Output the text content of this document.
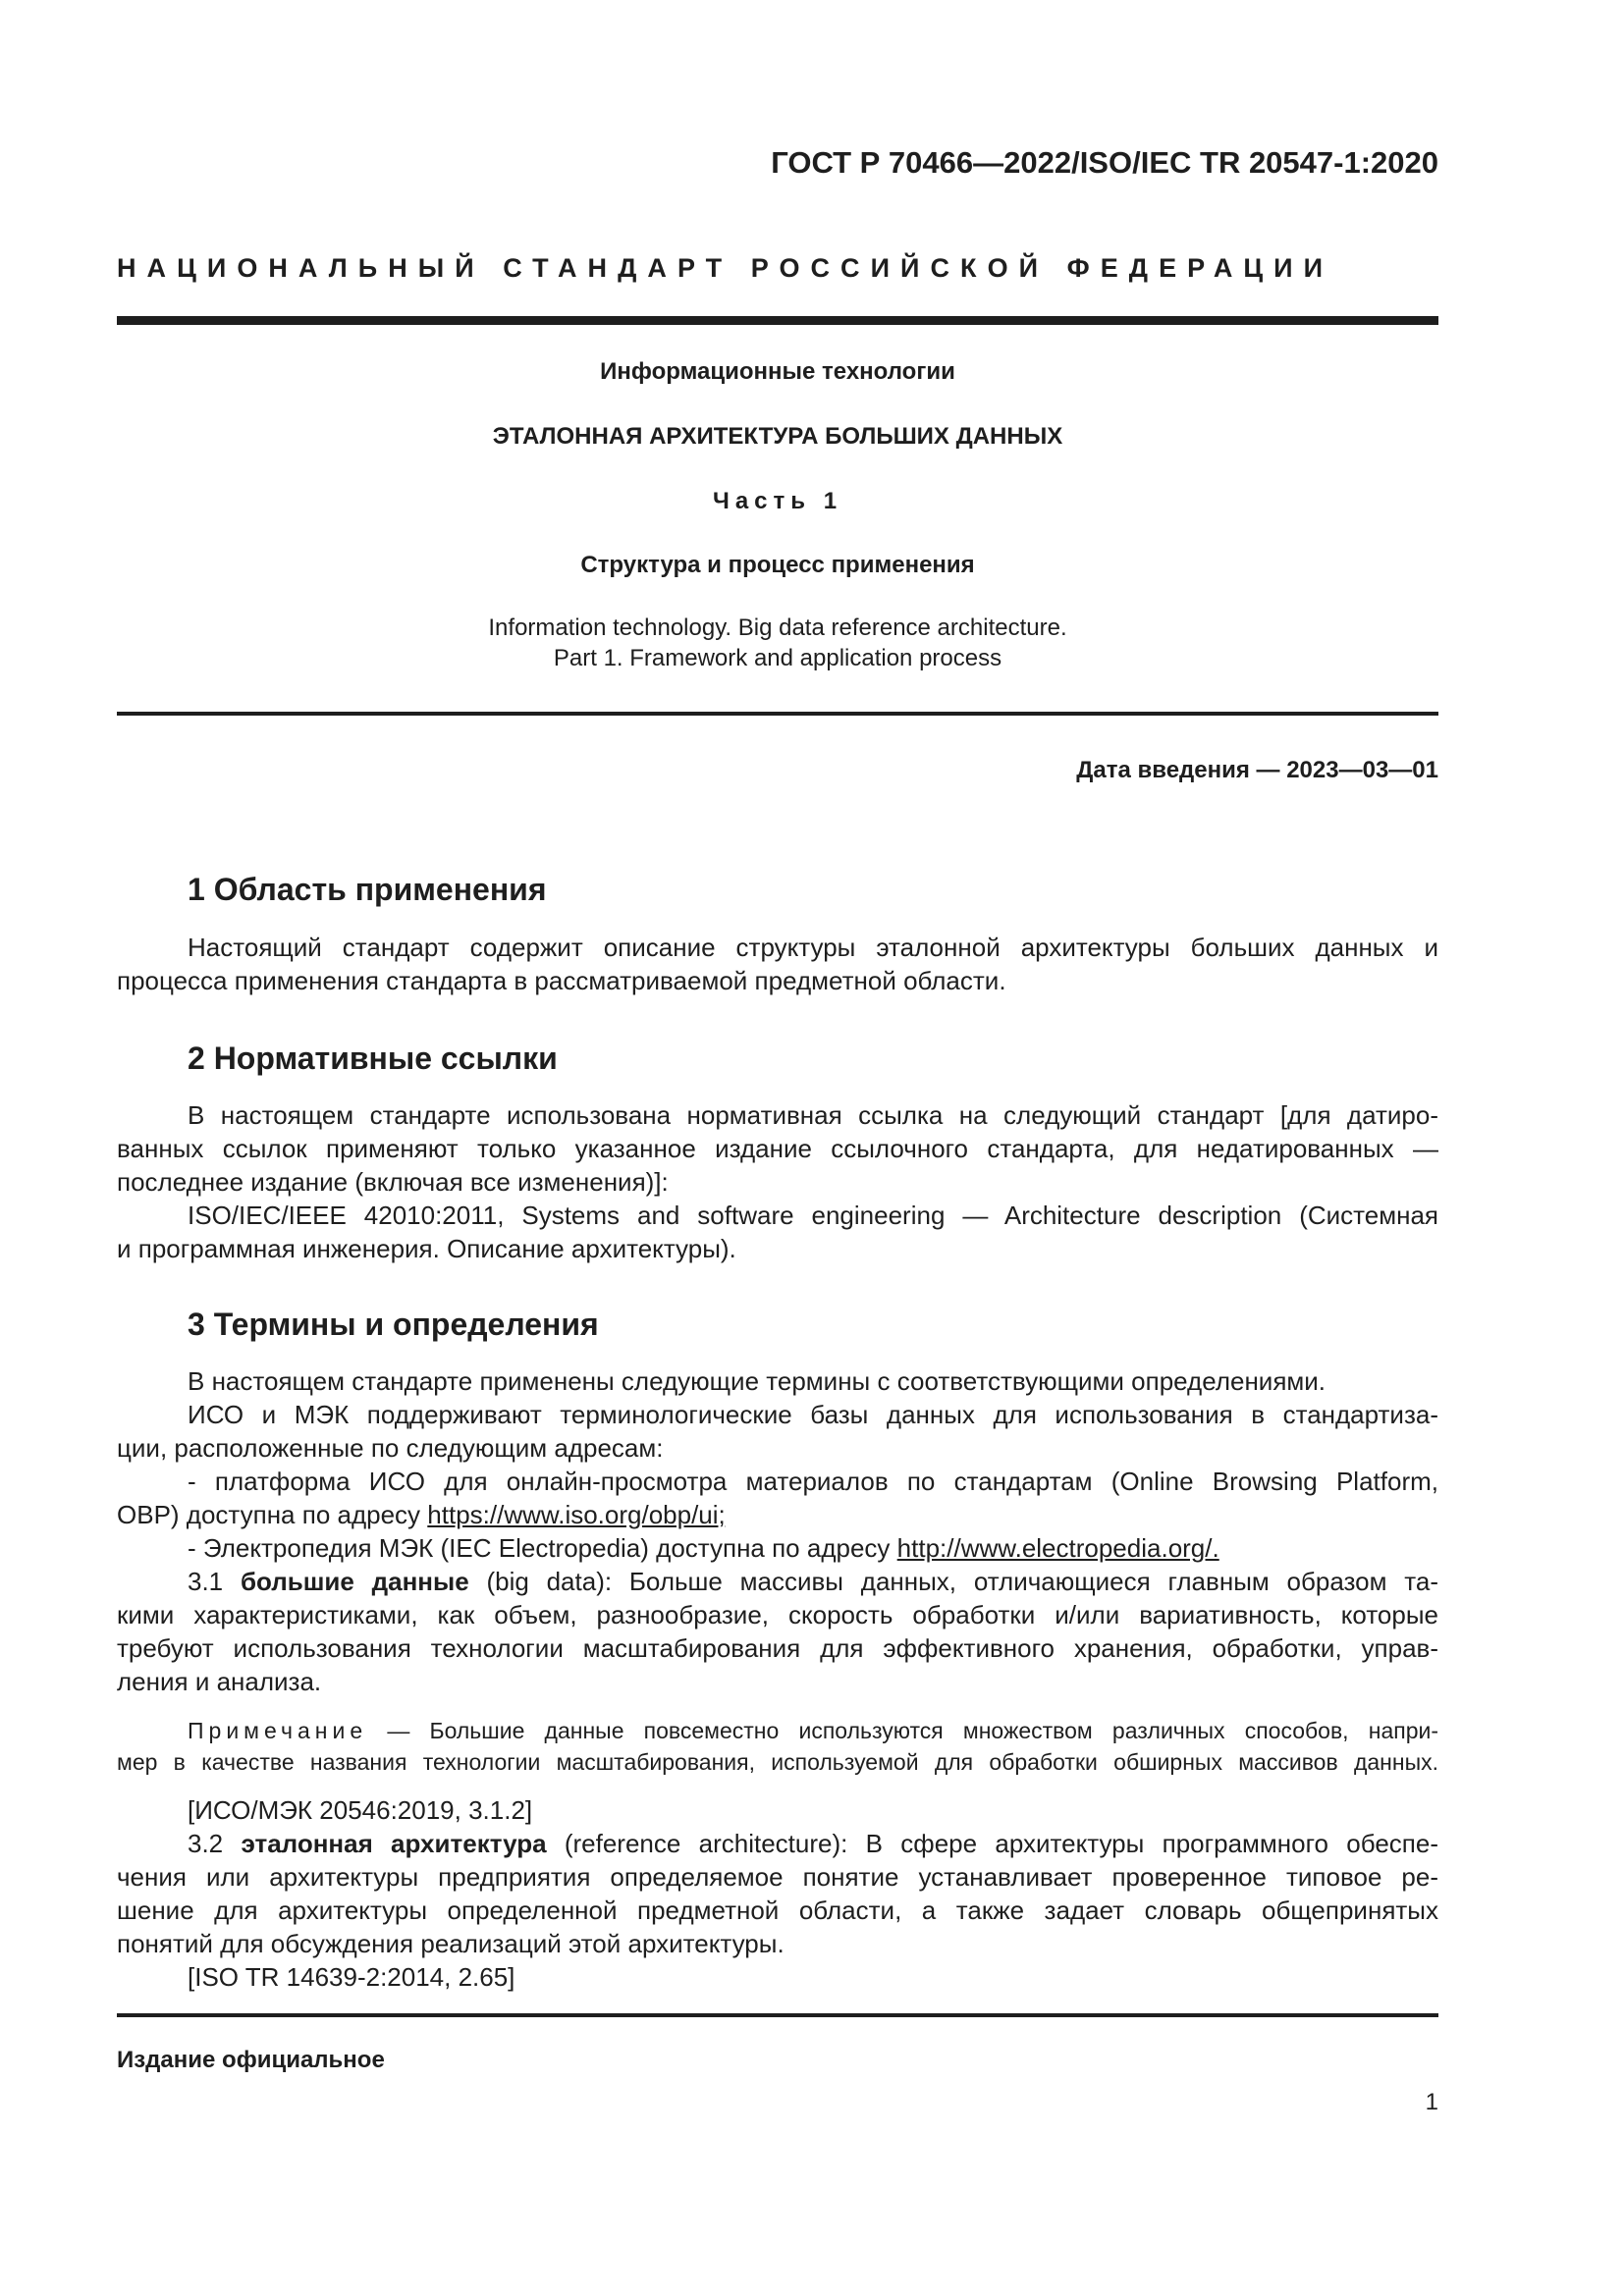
ГОСТ Р 70466—2022/ISO/IEC TR 20547-1:2020
НАЦИОНАЛЬНЫЙ СТАНДАРТ РОССИЙСКОЙ ФЕДЕРАЦИИ
Информационные технологии
ЭТАЛОННАЯ АРХИТЕКТУРА БОЛЬШИХ ДАННЫХ
Часть 1
Структура и процесс применения
Information technology. Big data reference architecture.
Part 1. Framework and application process
Дата введения — 2023—03—01
1 Область применения
Настоящий стандарт содержит описание структуры эталонной архитектуры больших данных и
процесса применения стандарта в рассматриваемой предметной области.
2 Нормативные ссылки
В настоящем стандарте использована нормативная ссылка на следующий стандарт [для датиро-
ванных ссылок применяют только указанное издание ссылочного стандарта, для недатированных —
последнее издание (включая все изменения)]:
ISO/IEC/IEEE 42010:2011, Systems and software engineering — Architecture description (Системная
и программная инженерия. Описание архитектуры).
3 Термины и определения
В настоящем стандарте применены следующие термины с соответствующими определениями.
ИСО и МЭК поддерживают терминологические базы данных для использования в стандартиза-
ции, расположенные по следующим адресам:
- платформа ИСО для онлайн-просмотра материалов по стандартам (Online Browsing Platform,
OBP) доступна по адресу https://www.iso.org/obp/ui;
- Электропедия МЭК (IEC Electropedia) доступна по адресу http://www.electropedia.org/.
3.1 большие данные (big data): Больше массивы данных, отличающиеся главным образом та-
кими характеристиками, как объем, разнообразие, скорость обработки и/или вариативность, которые
требуют использования технологии масштабирования для эффективного хранения, обработки, управ-
ления и анализа.
Примечание — Большие данные повсеместно используются множеством различных способов, напри-
мер в качестве названия технологии масштабирования, используемой для обработки обширных массивов данных.
[ИСО/МЭК 20546:2019, 3.1.2]
3.2 эталонная архитектура (reference architecture): В сфере архитектуры программного обеспе-
чения или архитектуры предприятия определяемое понятие устанавливает проверенное типовое ре-
шение для архитектуры определенной предметной области, а также задает словарь общепринятых
понятий для обсуждения реализаций этой архитектуры.
[ISO TR 14639-2:2014, 2.65]
Издание официальное
1
